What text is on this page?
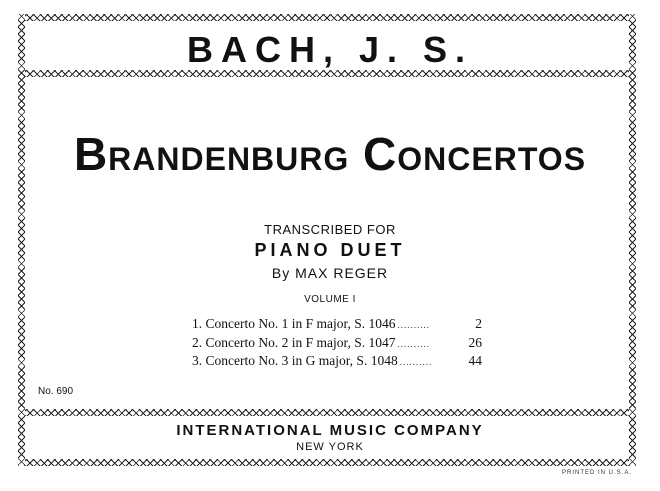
BACH, J. S.
Brandenburg Concertos
TRANSCRIBED FOR
PIANO DUET
By MAX REGER
VOLUME I
1. Concerto No. 1 in F major, S. 1046 ..........	2
2. Concerto No. 2 in F major, S. 1047 ..........	26
3. Concerto No. 3 in G major, S. 1048 ..........	44
No. 690
INTERNATIONAL MUSIC COMPANY
NEW YORK
PRINTED IN U.S.A.
